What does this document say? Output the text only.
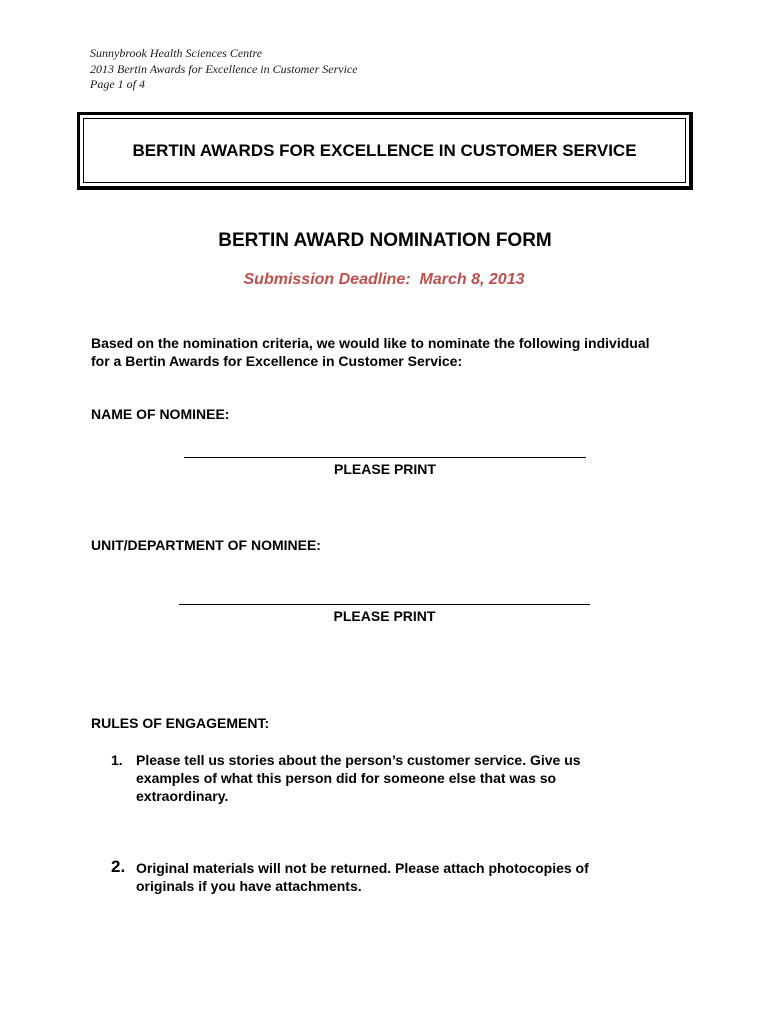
Sunnybrook Health Sciences Centre
2013 Bertin Awards for Excellence in Customer Service
Page 1 of 4
BERTIN AWARDS FOR EXCELLENCE IN CUSTOMER SERVICE
BERTIN AWARD NOMINATION FORM
Submission Deadline:  March 8, 2013
Based on the nomination criteria, we would like to nominate the following individual for a Bertin Awards for Excellence in Customer Service:
NAME OF NOMINEE:
PLEASE PRINT
UNIT/DEPARTMENT OF NOMINEE:
PLEASE PRINT
RULES OF ENGAGEMENT:
1. Please tell us stories about the person’s customer service. Give us examples of what this person did for someone else that was so extraordinary.
2. Original materials will not be returned. Please attach photocopies of originals if you have attachments.
